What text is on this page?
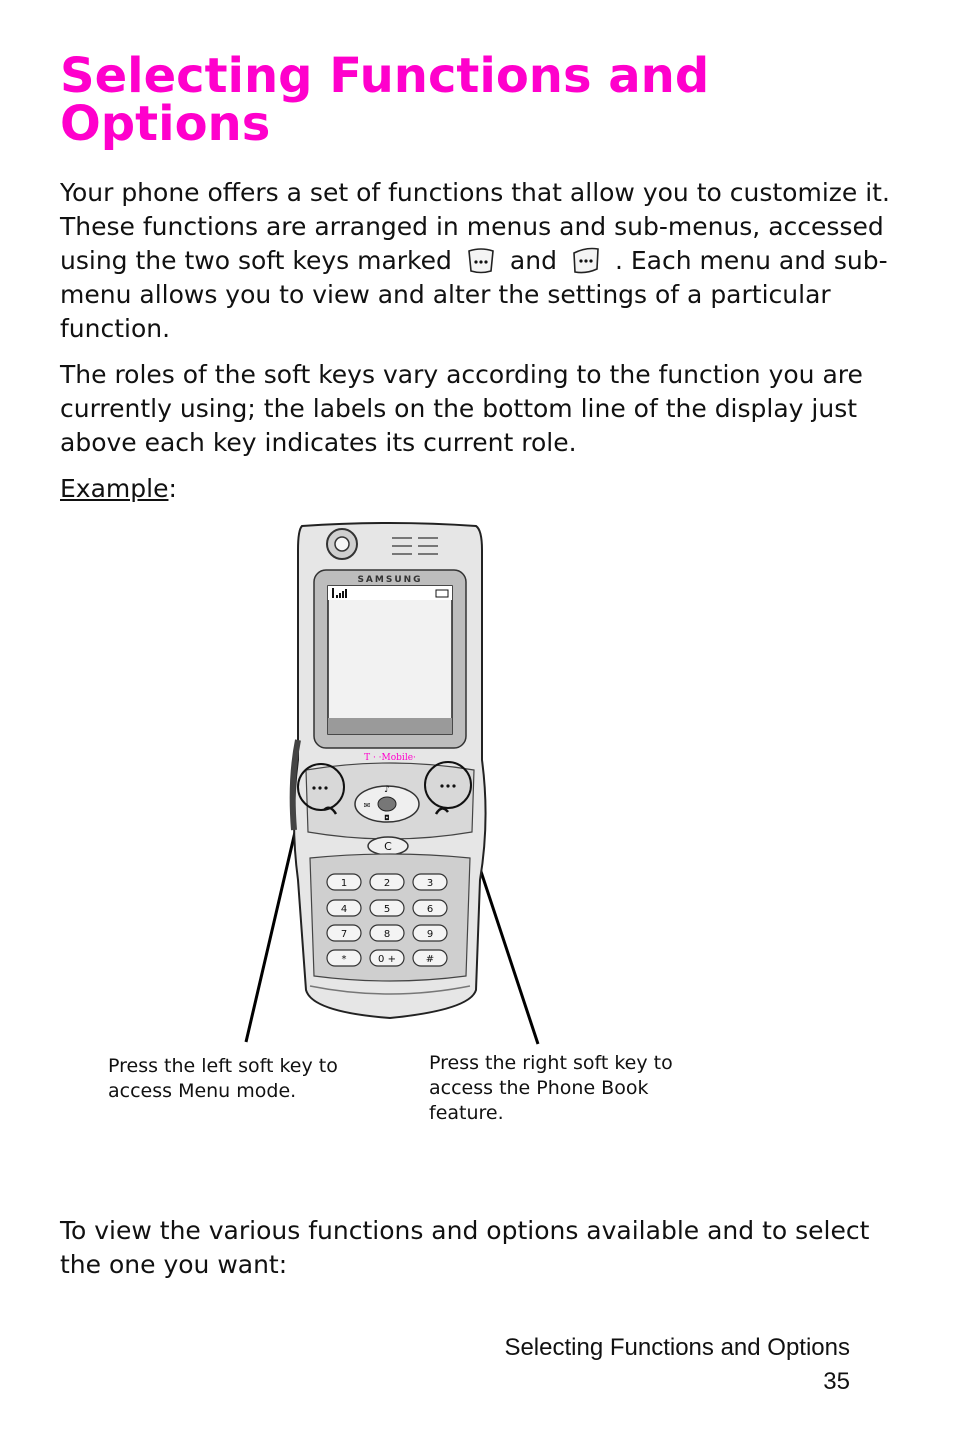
Selecting Functions and Options

Your phone offers a set of functions that allow you to customize it. These functions are arranged in menus and sub-menus, accessed using the two soft keys marked and . Each menu and sub-menu allows you to view and alter the settings of a particular function.

The roles of the soft keys vary according to the function you are currently using; the labels on the bottom line of the display just above each key indicates its current role.

Example:

SAMSUNG
T · ·Mobile·
♪
✉
◘
C
1	2	3
4	5	6
7	8	9
*	0 +	#

Press the left soft key to access Menu mode.

Press the right soft key to access the Phone Book feature.

To view the various functions and options available and to select the one you want:

Selecting Functions and Options

35
